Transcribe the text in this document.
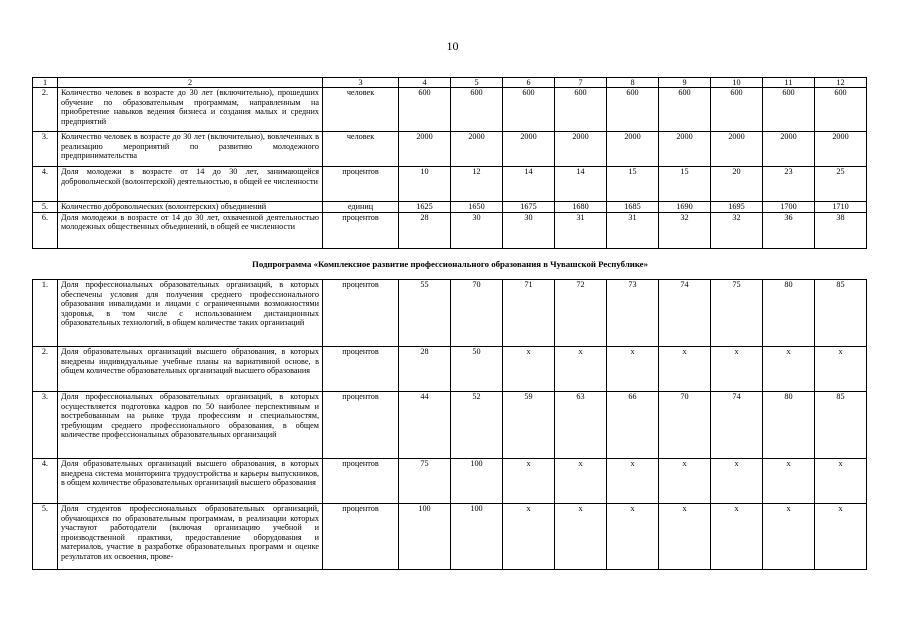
10
1	2	3	4	5	6	7	8	9	10	11	12
2.	Количество человек в возрасте до 30 лет (включительно), прошедших обучение по образовательным программам, направленным на приобретение навыков ведения бизнеса и создания малых и средних предприятий	человек	600	600	600	600	600	600	600	600	600
3.	Количество человек в возрасте до 30 лет (включительно), вовлеченных в реализацию мероприятий по развитию молодежного предпринимательства	человек	2000	2000	2000	2000	2000	2000	2000	2000	2000
4.	Доля молодежи в возрасте от 14 до 30 лет, занимающейся добровольческой (волонтерской) деятельностью, в общей ее численности	процентов	10	12	14	14	15	15	20	23	25
5.	Количество добровольческих (волонтерских) объединений	единиц	1625	1650	1675	1680	1685	1690	1695	1700	1710
6.	Доля молодежи в возрасте от 14 до 30 лет, охваченной деятельностью молодежных общественных объединений, в общей ее численности	процентов	28	30	30	31	31	32	32	36	38
Подпрограмма «Комплексное развитие профессионального образования в Чувашской Республике»
1.	Доля профессиональных образовательных организаций, в которых обеспечены условия для получения среднего профессионального образования инвалидами и лицами с ограниченными возможностями здоровья, в том числе с использованием дистанционных образовательных технологий, в общем количестве таких организаций	процентов	55	70	71	72	73	74	75	80	85
2.	Доля образовательных организаций высшего образования, в которых внедрены индивидуальные учебные планы на вариативной основе, в общем количестве образовательных организаций высшего образования	процентов	28	50	x	x	x	x	x	x	x
3.	Доля профессиональных образовательных организаций, в которых осуществляется подготовка кадров по 50 наиболее перспективным и востребованным на рынке труда профессиям и специальностям, требующим среднего профессионального образования, в общем количестве профессиональных образовательных организаций	процентов	44	52	59	63	66	70	74	80	85
4.	Доля образовательных организаций высшего образования, в которых внедрена система мониторинга трудоустройства и карьеры выпускников, в общем количестве образовательных организаций высшего образования	процентов	75	100	x	x	x	x	x	x	x
5.	Доля студентов профессиональных образовательных организаций, обучающихся по образовательным программам, в реализации которых участвуют работодатели (включая организацию учебной и производственной практики, предоставление оборудования и материалов, участие в разработке образовательных программ и оценке результатов их освоения, прове-	процентов	100	100	x	x	x	x	x	x	x
